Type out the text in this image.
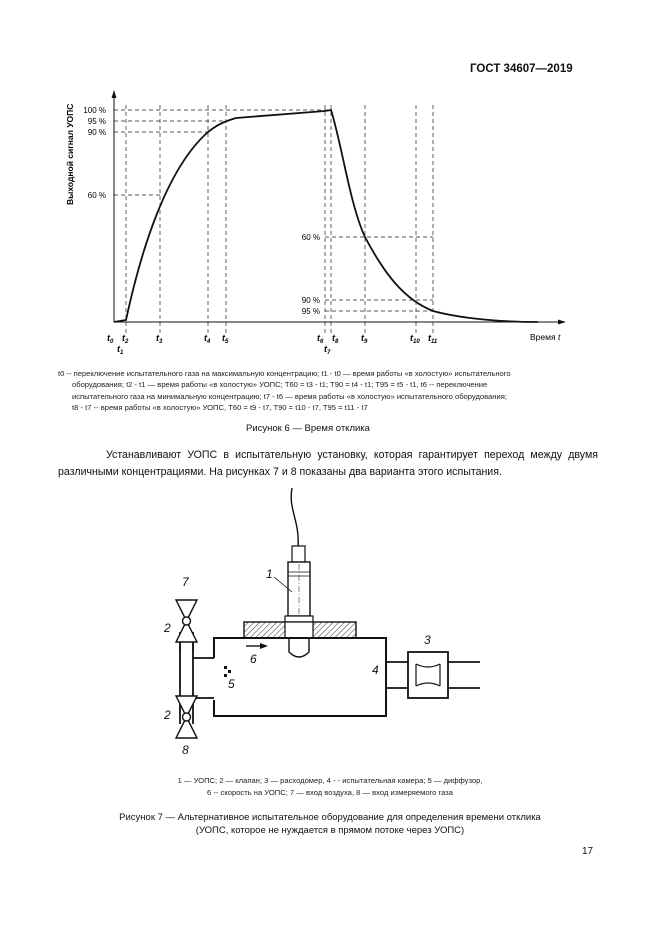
ГОСТ 34607—2019
100 %
95 %
90 %
60 %
60 %
90 %
95 %
Выходной сигнал УОПС
Время t
$t_0$ $t_2$	$t_3$	$t_4$ $t_5$	$t_6$ $t_8$	$t_9$	$t_{10}$ $t_{11}$
$t_1$	$t_7$
t0 -- переключение испытательного газа на максимальную концентрацию; t1 - t0 — время работы «в холостую» испытательного
оборудования; t2 - t1 — время работы «в холостую» УОПС; T60 = t3 - t1; T90 = t4 - t1; T95 = t5 - t1, t6 -- переключение
испытательного газа на минимальную концентрацию; t7 - t6 — время работы «в холостую» испытательного оборудования;
t8 - t7 -- время работы «в холостую» УОПС, T60 = t9 - t7, T90 = t10 - t7, T95 = t11 - t7
Рисунок 6 — Время отклика
Устанавливают УОПС в испытательную установку, которая гарантирует переход между двумя различными концентрациями. На рисунках 7 и 8 показаны два варианта этого испытания.
1
2
2
3
4
5
6
7
8
1 — УОПС; 2 — клапан; 3 — расходомер, 4 - - испытательная камера; 5 — диффузор,
6 -- скорость на УОПС; 7 — вход воздуха, 8 — вход измеряемого газа
Рисунок 7 — Альтернативное испытательное оборудование для определения времени отклика
(УОПС, которое не нуждается в прямом потоке через УОПС)
17
